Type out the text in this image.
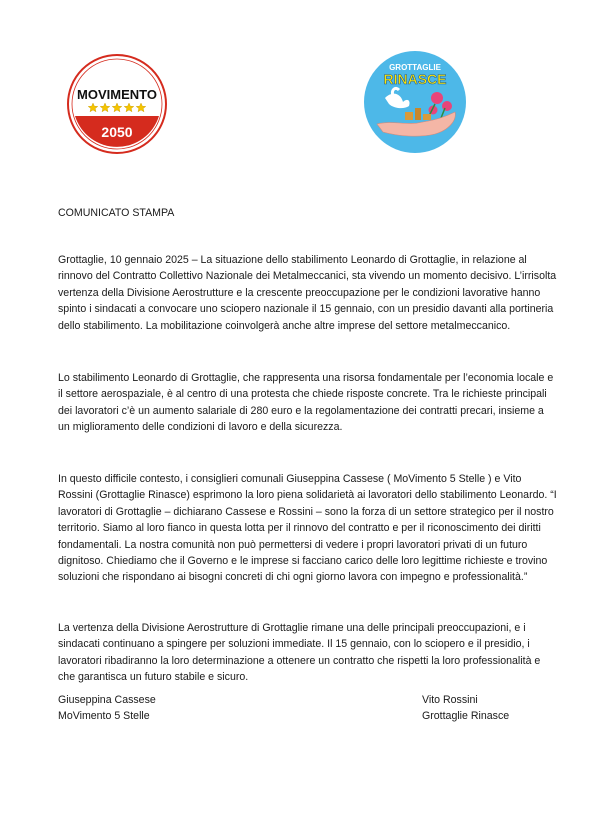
MOVIMENTO
2050
GROTTAGLIE
RINASCE
COMUNICATO STAMPA

Grottaglie, 10 gennaio 2025 – La situazione dello stabilimento Leonardo di Grottaglie, in relazione al rinnovo del Contratto Collettivo Nazionale dei Metalmeccanici, sta vivendo un momento decisivo. L’irrisolta vertenza della Divisione Aerostrutture e la crescente preoccupazione per le condizioni lavorative hanno spinto i sindacati a convocare uno sciopero nazionale il 15 gennaio, con un presidio davanti alla portineria dello stabilimento. La mobilitazione coinvolgerà anche altre imprese del settore metalmeccanico.

Lo stabilimento Leonardo di Grottaglie, che rappresenta una risorsa fondamentale per l’economia locale e il settore aerospaziale, è al centro di una protesta che chiede risposte concrete. Tra le richieste principali dei lavoratori c’è un aumento salariale di 280 euro e la regolamentazione dei contratti precari, insieme a un miglioramento delle condizioni di lavoro e della sicurezza.

In questo difficile contesto, i consiglieri comunali Giuseppina Cassese ( MoVimento 5 Stelle ) e Vito Rossini (Grottaglie Rinasce) esprimono la loro piena solidarietà ai lavoratori dello stabilimento Leonardo. “I lavoratori di Grottaglie – dichiarano Cassese e Rossini – sono la forza di un settore strategico per il nostro territorio. Siamo al loro fianco in questa lotta per il rinnovo del contratto e per il riconoscimento dei diritti fondamentali. La nostra comunità non può permettersi di vedere i propri lavoratori privati di un futuro dignitoso. Chiediamo che il Governo e le imprese si facciano carico delle loro legittime richieste e trovino soluzioni che rispondano ai bisogni concreti di chi ogni giorno lavora con impegno e professionalità.”

La vertenza della Divisione Aerostrutture di Grottaglie rimane una delle principali preoccupazioni, e i sindacati continuano a spingere per soluzioni immediate. Il 15 gennaio, con lo sciopero e il presidio, i lavoratori ribadiranno la loro determinazione a ottenere un contratto che rispetti la loro professionalità e che garantisca un futuro stabile e sicuro.

Giuseppina Cassese
MoVimento 5 Stelle
Vito Rossini
Grottaglie Rinasce
